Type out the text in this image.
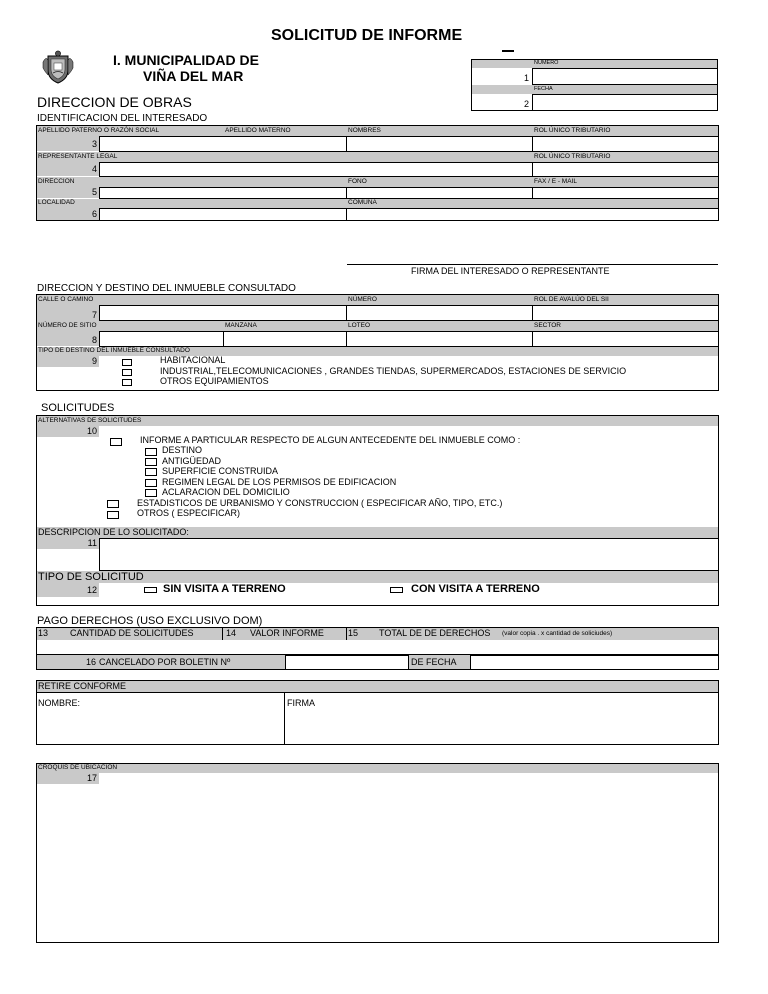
SOLICITUD DE INFORME
I. MUNICIPALIDAD DE
VIÑA DEL MAR
DIRECCION DE OBRAS
NÚMERO
1
FECHA
2
IDENTIFICACION DEL INTERESADO
APELLIDO PATERNO O RAZÓN SOCIAL	APELLIDO MATERNO	NOMBRES	ROL ÚNICO TRIBUTARIO
3
REPRESENTANTE LEGAL	ROL ÚNICO TRIBUTARIO
4
DIRECCION	FONO	FAX / E - MAIL
5
LOCALIDAD	COMUNA
6
FIRMA DEL INTERESADO O REPRESENTANTE
DIRECCION Y DESTINO DEL INMUEBLE CONSULTADO
CALLE O CAMINO	NÚMERO	ROL DE AVALÚO DEL SII
7
NÚMERO DE SITIO	MANZANA	LOTEO	SECTOR
8
TIPO DE DESTINO DEL INMUEBLE CONSULTADO
9	HABITACIONAL
INDUSTRIAL,TELECOMUNICACIONES , GRANDES TIENDAS, SUPERMERCADOS, ESTACIONES DE SERVICIO
OTROS EQUIPAMIENTOS
SOLICITUDES
ALTERNATIVAS DE SOLICITUDES
10
INFORME A PARTICULAR RESPECTO DE ALGUN ANTECEDENTE DEL INMUEBLE COMO :
DESTINO
ANTIGÜEDAD
SUPERFICIE CONSTRUIDA
REGIMEN LEGAL DE LOS PERMISOS DE EDIFICACION
ACLARACION DEL DOMICILIO
ESTADISTICOS DE URBANISMO Y CONSTRUCCION ( ESPECIFICAR AÑO, TIPO, ETC.)
OTROS ( ESPECIFICAR)
DESCRIPCION DE LO SOLICITADO:
11
TIPO DE SOLICITUD
12	SIN VISITA A TERRENO	CON VISITA A TERRENO
PAGO DERECHOS (USO EXCLUSIVO DOM)
13 CANTIDAD DE SOLICITUDES	14 VALOR INFORME	15 TOTAL DE DE DERECHOS (valor copia . x cantidad de soliciudes)
16 CANCELADO POR BOLETIN Nº	DE FECHA
RETIRE CONFORME
NOMBRE:	FIRMA
CROQUIS DE UBICACION
17
